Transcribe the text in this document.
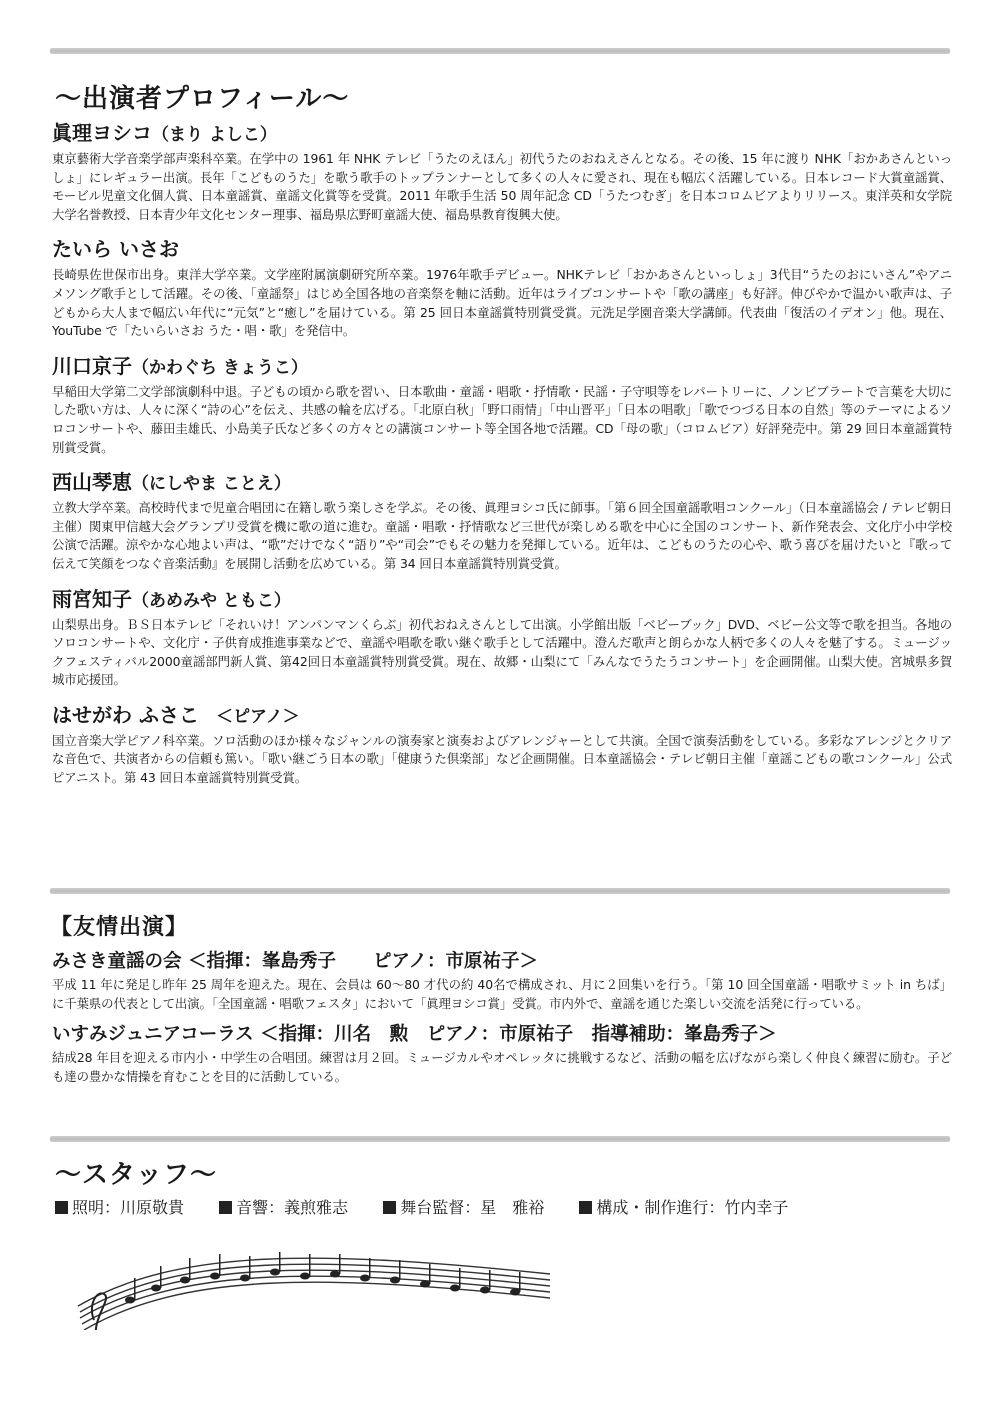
〜出演者プロフィール〜
眞理ヨシコ（まり よしこ）
東京藝術大学音楽学部声楽科卒業。在学中の 1961 年 NHK テレビ「うたのえほん」初代うたのおねえさんとなる。その後、15 年に渡り NHK「おかあさんといっしょ」にレギュラー出演。長年「こどものうた」を歌う歌手のトップランナーとして多くの人々に愛され、現在も幅広く活躍している。日本レコード大賞童謡賞、モービル児童文化個人賞、日本童謡賞、童謡文化賞等を受賞。2011 年歌手生活 50 周年記念 CD「うたつむぎ」を日本コロムビアよりリリース。東洋英和女学院大学名誉教授、日本青少年文化センター理事、福島県広野町童謡大使、福島県教育復興大使。
たいら いさお
長崎県佐世保市出身。東洋大学卒業。文学座附属演劇研究所卒業。1976年歌手デビュー。NHKテレビ「おかあさんといっしょ」3代目“うたのおにいさん”やアニメソング歌手として活躍。その後、「童謡祭」はじめ全国各地の音楽祭を軸に活動。近年はライブコンサートや「歌の講座」も好評。伸びやかで温かい歌声は、子どもから大人まで幅広い年代に“元気”と“癒し”を届けている。第 25 回日本童謡賞特別賞受賞。元洗足学園音楽大学講師。代表曲「復活のイデオン」他。現在、YouTube で「たいらいさお うた・唱・歌」を発信中。
川口京子（かわぐち きょうこ）
早稲田大学第二文学部演劇科中退。子どもの頃から歌を習い、日本歌曲・童謡・唱歌・抒情歌・民謡・子守唄等をレパートリーに、ノンビブラートで言葉を大切にした歌い方は、人々に深く“詩の心”を伝え、共感の輪を広げる。「北原白秋」「野口雨情」「中山晋平」「日本の唱歌」「歌でつづる日本の自然」等のテーマによるソロコンサートや、藤田圭雄氏、小島美子氏など多くの方々との講演コンサート等全国各地で活躍。CD「母の歌」（コロムビア）好評発売中。第 29 回日本童謡賞特別賞受賞。
西山琴恵（にしやま ことえ）
立教大学卒業。高校時代まで児童合唱団に在籍し歌う楽しさを学ぶ。その後、眞理ヨシコ氏に師事。「第６回全国童謡歌唱コンクール」（日本童謡協会 / テレビ朝日主催）関東甲信越大会グランプリ受賞を機に歌の道に進む。童謡・唱歌・抒情歌など三世代が楽しめる歌を中心に全国のコンサート、新作発表会、文化庁小中学校公演で活躍。涼やかな心地よい声は、“歌”だけでなく“語り”や“司会”でもその魅力を発揮している。近年は、こどものうたの心や、歌う喜びを届けたいと『歌って伝えて笑顔をつなぐ音楽活動』を展開し活動を広めている。第 34 回日本童謡賞特別賞受賞。
雨宮知子（あめみや ともこ）
山梨県出身。ＢＳ日本テレビ「それいけ！アンパンマンくらぶ」初代おねえさんとして出演。小学館出版「ベビーブック」DVD、ベビー公文等で歌を担当。各地のソロコンサートや、文化庁・子供育成推進事業などで、童謡や唱歌を歌い継ぐ歌手として活躍中。澄んだ歌声と朗らかな人柄で多くの人々を魅了する。ミュージックフェスティバル2000童謡部門新人賞、第42回日本童謡賞特別賞受賞。現在、故郷・山梨にて「みんなでうたうコンサート」を企画開催。山梨大使。宮城県多賀城市応援団。
はせがわ ふさこ　＜ピアノ＞
国立音楽大学ピアノ科卒業。ソロ活動のほか様々なジャンルの演奏家と演奏およびアレンジャーとして共演。全国で演奏活動をしている。多彩なアレンジとクリアな音色で、共演者からの信頼も篤い。「歌い継ごう日本の歌」「健康うた倶楽部」など企画開催。日本童謡協会・テレビ朝日主催「童謡こどもの歌コンクール」公式ピアニスト。第 43 回日本童謡賞特別賞受賞。
【友情出演】
みさき童謡の会 ＜指揮：峯島秀子　　ピアノ：市原祐子＞
平成 11 年に発足し昨年 25 周年を迎えた。現在、会員は 60〜80 才代の約 40名で構成され、月に２回集いを行う。「第 10 回全国童謡・唱歌サミット in ちば」に千葉県の代表として出演。「全国童謡・唱歌フェスタ」において「眞理ヨシコ賞」受賞。市内外で、童謡を通じた楽しい交流を活発に行っている。
いすみジュニアコーラス ＜指揮：川名　勲　ピアノ：市原祐子　指導補助：峯島秀子＞
結成28 年目を迎える市内小・中学生の合唱団。練習は月２回。ミュージカルやオペレッタに挑戦するなど、活動の幅を広げながら楽しく仲良く練習に励む。子ども達の豊かな情操を育むことを目的に活動している。
〜スタッフ〜
照明：川原敬貴	音響：義煎雅志	舞台監督：星　雅裕	構成・制作進行：竹内幸子
